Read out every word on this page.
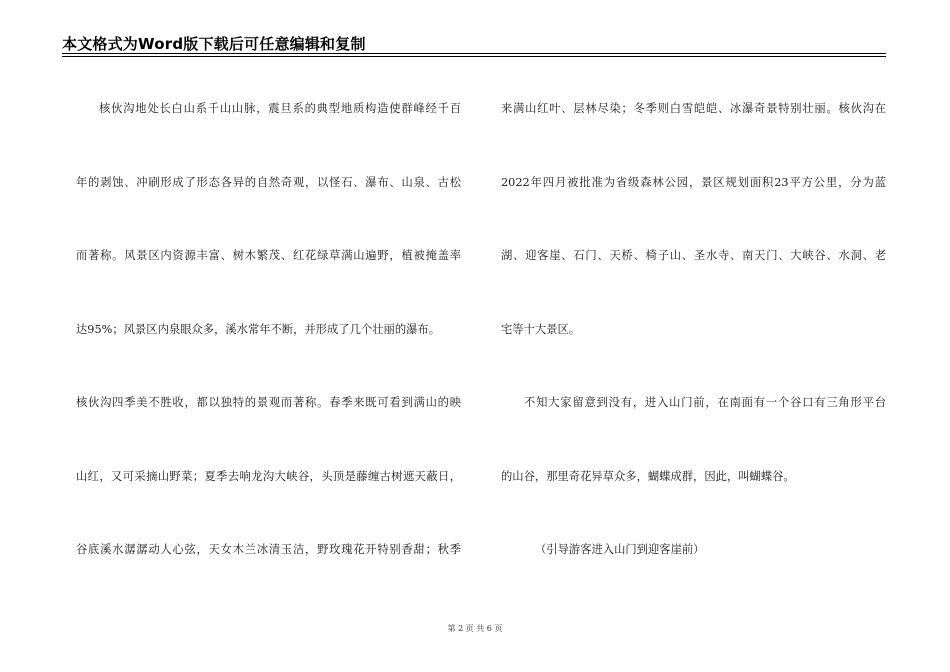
本文格式为Word版下载后可任意编辑和复制
核伙沟地处长白山系千山山脉，震旦系的典型地质构造使群峰经千百
年的剥蚀、冲刷形成了形态各异的自然奇观，以怪石、瀑布、山泉、古松
而著称。风景区内资源丰富、树木繁茂、红花绿草满山遍野，植被掩盖率
达95%；风景区内泉眼众多，溪水常年不断，并形成了几个壮丽的瀑布。
核伙沟四季美不胜收，都以独特的景观而著称。春季来既可看到满山的映
山红，又可采摘山野菜；夏季去响龙沟大峡谷，头顶是藤缠古树遮天蔽日，
谷底溪水潺潺动人心弦，天女木兰冰清玉洁，野玫瑰花开特别香甜；秋季
来满山红叶、层林尽染；冬季则白雪皑皑、冰瀑奇景特别壮丽。核伙沟在
2022年四月被批准为省级森林公园，景区规划面积23平方公里，分为蓝
湖、迎客崖、石门、天桥、椅子山、圣水寺、南天门、大峡谷、水洞、老
宅等十大景区。
不知大家留意到没有，进入山门前，在南面有一个谷口有三角形平台
的山谷，那里奇花异草众多，蝴蝶成群，因此，叫蝴蝶谷。
（引导游客进入山门到迎客崖前）
第 2 页 共 6 页
